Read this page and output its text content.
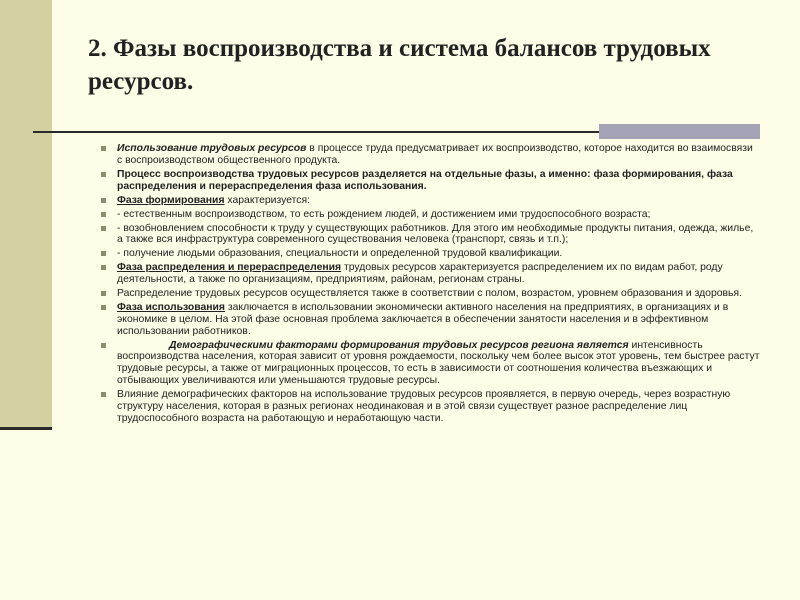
2. Фазы воспроизводства и система балансов трудовых ресурсов.
Использование трудовых ресурсов в процессе труда предусматривает их воспроизводство, которое находится во взаимосвязи с воспроизводством общественного продукта.
Процесс воспроизводства трудовых ресурсов разделяется на отдельные фазы, а именно: фаза формирования, фаза распределения и перераспределения фаза использования.
Фаза формирования характеризуется:
- естественным воспроизводством, то есть рождением людей, и достижением ими трудоспособного возраста;
- возобновлением способности к труду у существующих работников. Для этого им необходимые продукты питания, одежда, жилье, а также вся инфраструктура современного существования человека (транспорт, связь и т.п.);
- получение людьми образования, специальности и определенной трудовой квалификации.
Фаза распределения и перераспределения трудовых ресурсов характеризуется распределением их по видам работ, роду деятельности, а также по организациям, предприятиям, районам, регионам страны.
Распределение трудовых ресурсов осуществляется также в соответствии с полом, возрастом, уровнем образования и здоровья.
Фаза использования заключается в использовании экономически активного населения на предприятиях, в организациях и в экономике в целом. На этой фазе основная проблема заключается в обеспечении занятости населения и в эффективном использовании работников.
Демографическими факторами формирования трудовых ресурсов региона является интенсивность воспроизводства населения, которая зависит от уровня рождаемости, поскольку чем более высок этот уровень, тем быстрее растут трудовые ресурсы, а также от миграционных процессов, то есть в зависимости от соотношения количества въезжающих и отбывающих увеличиваются или уменьшаются трудовые ресурсы.
Влияние демографических факторов на использование трудовых ресурсов проявляется, в первую очередь, через возрастную структуру населения, которая в разных регионах неодинаковая и в этой связи существует разное распределение лиц трудоспособного возраста на работающую и неработающую части.
